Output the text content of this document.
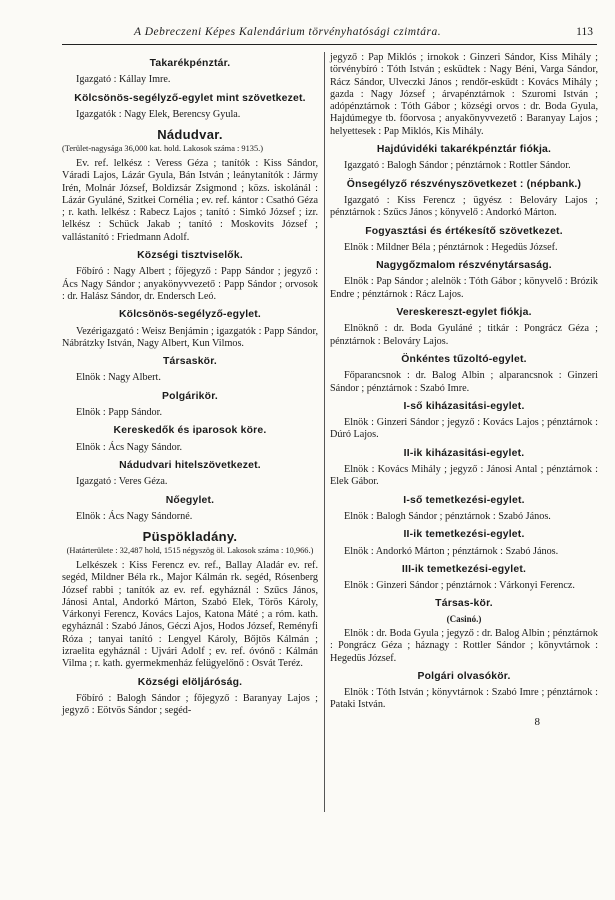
A Debreczeni Képes Kalendárium törvényhatósági czimtára.	113
Takarékpénztár.

Igazgató : Kállay Imre.

Kölcsönös-segélyző-egylet mint szövetkezet.

Igazgatók : Nagy Elek, Berencsy Gyula.

Nádudvar.

(Terület-nagysága 36,000 kat. hold. Lakosok száma : 9135.)

Ev. ref. lelkész : Veress Géza ; tanítók : Kiss Sándor, Váradi Lajos, Lázár Gyula, Bán István ; leánytanítók : Jármy Irén, Molnár József, Boldizsár Zsigmond ; közs. iskolánál : Lázár Gyuláné, Szitkei Cornélia ; ev. ref. kántor : Csathó Géza ; r. kath. lelkész : Rabecz Lajos ; tanító : Simkó József ; izr. lelkész : Schück Jakab ; tanító : Moskovits József ; vallástanító : Friedmann Adolf.

Községi tisztviselők.

Főbíró : Nagy Albert ; főjegyző : Papp Sándor ; jegyző : Ács Nagy Sándor ; anyakönyvvezető : Papp Sándor ; orvosok : dr. Halász Sándor, dr. Endersch Leó.

Kölcsönös-segélyző-egylet.

Vezérigazgató : Weisz Benjámin ; igazgatók : Papp Sándor, Nábrátzky István, Nagy Albert, Kun Vilmos.

Társaskör.

Elnök : Nagy Albert.

Polgárikör.

Elnök : Papp Sándor.

Kereskedők és iparosok köre.

Elnök : Ács Nagy Sándor.

Nádudvari hitelszövetkezet.

Igazgató : Veres Géza.

Nőegylet.

Elnök : Ács Nagy Sándorné.

Püspökladány.

(Határterülete : 32,487 hold, 1515 négyszög öl. Lakosok száma : 10,966.)

Lelkészek : Kiss Ferencz ev. ref., Ballay Aladár ev. ref. segéd, Mildner Béla rk., Major Kálmán rk. segéd, Rósenberg József rabbi ; tanítók az ev. ref. egyháznál : Szűcs János, Jánosi Antal, Andorkó Márton, Szabó Elek, Törös Károly, Várkonyi Ferencz, Kovács Lajos, Katona Máté ; a róm. kath. egyháznál : Szabó János, Géczi Ajos, Hodos József, Reményfi Róza ; tanyai tanító : Lengyel Károly, Bőjtös Kálmán ; izraelita egyháznál : Ujvári Adolf ; ev. ref. óvónő : Kálmán Vilma ; r. kath. gyermekmenház felügyelőnő : Osvát Teréz.

Községi elöljáróság.

Főbíró : Balogh Sándor ; főjegyző : Baranyay Lajos ; jegyző : Eötvös Sándor ; segéd-

jegyző : Pap Miklós ; irnokok : Ginzeri Sándor, Kiss Mihály ; törvénybíró : Tóth István ; esküdtek : Nagy Béni, Varga Sándor, Rácz Sándor, Ulveczki János ; rendőr-eskűdt : Kovács Mihály ; gazda : Nagy József ; árvapénztárnok : Szuromi István ; adópénztárnok : Tóth Gábor ; községi orvos : dr. Boda Gyula, Hajdúmegye tb. főorvosa ; anyakönyvvezető : Baranyay Lajos ; helyettesek : Pap Miklós, Kis Mihály.

Hajdúvidéki takarékpénztár fiókja.

Igazgató : Balogh Sándor ; pénztárnok : Rottler Sándor.

Önsegélyző részvényszövetkezet : (népbank.)

Igazgató : Kiss Ferencz ; ügyész : Belováry Lajos ; pénztárnok : Szűcs János ; könyvelő : Andorkó Márton.

Fogyasztási és értékesítő szövetkezet.

Elnök : Mildner Béla ; pénztárnok : Hegedüs József.

Nagygőzmalom részvénytársaság.

Elnök : Pap Sándor ; alelnök : Tóth Gábor ; könyvelő : Brózik Endre ; pénztárnok : Rácz Lajos.

Vereskereszt-egylet fiókja.

Elnöknő : dr. Boda Gyuláné ; titkár : Pongrácz Géza ; pénztárnok : Belováry Lajos.

Önkéntes tűzoltó-egylet.

Főparancsnok : dr. Balog Albin ; alparancsnok : Ginzeri Sándor ; pénztárnok : Szabó Imre.

I-ső kiházasitási-egylet.

Elnök : Ginzeri Sándor ; jegyző : Kovács Lajos ; pénztárnok : Dúró Lajos.

II-ik kiházasitási-egylet.

Elnök : Kovács Mihály ; jegyző : Jánosi Antal ; pénztárnok : Elek Gábor.

I-ső temetkezési-egylet.

Elnök : Balogh Sándor ; pénztárnok : Szabó János.

II-ik temetkezési-egylet.

Elnök : Andorkó Márton ; pénztárnok : Szabó János.

III-ik temetkezési-egylet.

Elnök : Ginzeri Sándor ; pénztárnok : Várkonyi Ferencz.

Társas-kör.
(Casinó.)

Elnök : dr. Boda Gyula ; jegyző : dr. Balog Albin ; pénztárnok : Pongrácz Géza ; háznagy : Rottler Sándor ; könyvtárnok : Hegedüs József.

Polgári olvasókör.

Elnök : Tóth István ; könyvtárnok : Szabó Imre ; pénztárnok : Pataki István.

8
